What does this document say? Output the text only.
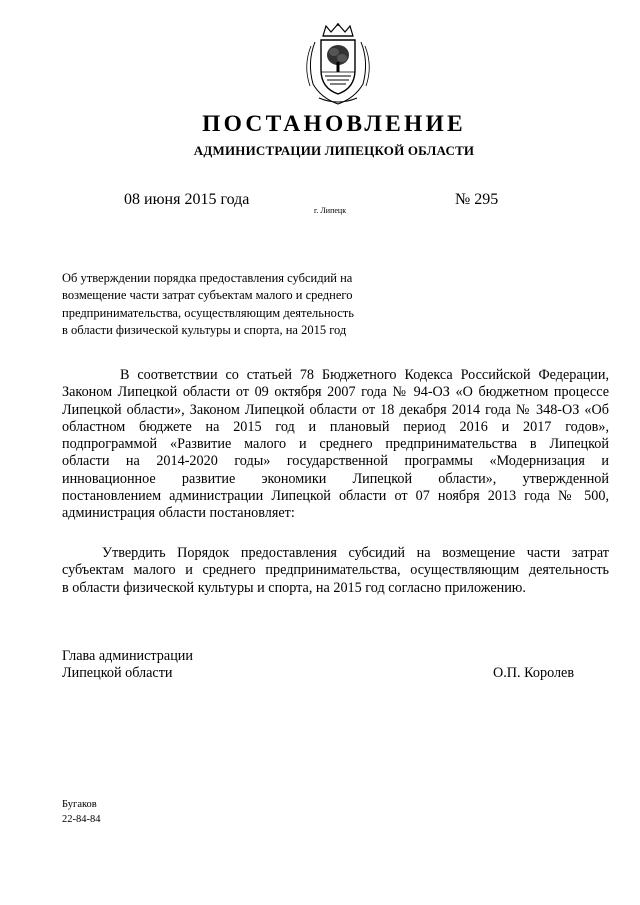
ПОСТАНОВЛЕНИЕ
АДМИНИСТРАЦИИ ЛИПЕЦКОЙ ОБЛАСТИ
08 июня 2015 года
г. Липецк
№ 295
Об утверждении порядка предоставления субсидий на
возмещение части затрат субъектам малого и среднего
предпринимательства, осуществляющим деятельность
в области физической культуры и спорта, на 2015 год
В соответствии со статьей 78 Бюджетного Кодекса Российской Федерации,
Законом Липецкой области от 09 октября 2007 года № 94-ОЗ «О бюджетном процессе
Липецкой области», Законом Липецкой области от 18 декабря 2014 года № 348-ОЗ «Об
областном бюджете на 2015 год и плановый период 2016 и 2017 годов»,
подпрограммой «Развитие малого и среднего предпринимательства в Липецкой
области на 2014-2020 годы» государственной программы «Модернизация и
инновационное развитие экономики Липецкой области», утвержденной
постановлением администрации Липецкой области от 07 ноября 2013 года № 500,
администрация области постановляет:
Утвердить Порядок предоставления субсидий на возмещение части затрат
субъектам малого и среднего предпринимательства, осуществляющим деятельность
в области физической культуры и спорта, на 2015 год согласно приложению.
Глава администрации
Липецкой области	О.П. Королев
Бугаков
22-84-84
